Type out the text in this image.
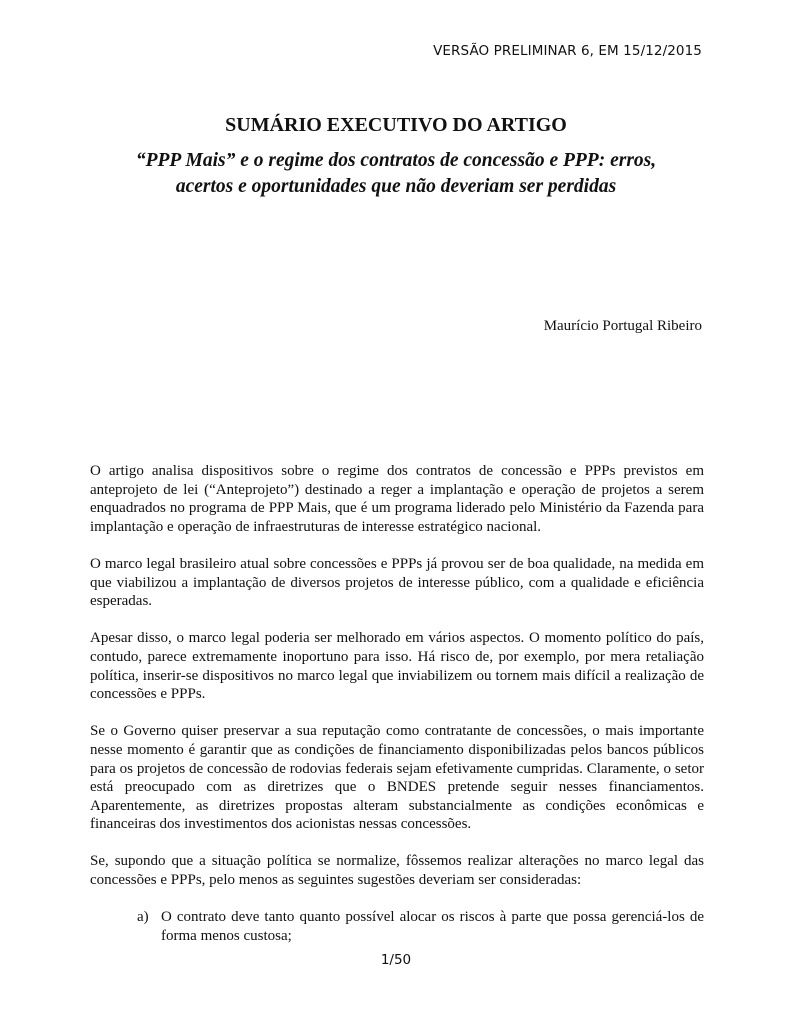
VERSÃO PRELIMINAR 6, EM 15/12/2015
SUMÁRIO EXECUTIVO DO ARTIGO
“PPP Mais” e o regime dos contratos de concessão e PPP: erros,
acertos e oportunidades que não deveriam ser perdidas
Maurício Portugal Ribeiro

O artigo analisa dispositivos sobre o regime dos contratos de concessão e PPPs previstos em anteprojeto de lei (“Anteprojeto”) destinado a reger a implantação e operação de projetos a serem enquadrados no programa de PPP Mais, que é um programa liderado pelo Ministério da Fazenda para implantação e operação de infraestruturas de interesse estratégico nacional.

O marco legal brasileiro atual sobre concessões e PPPs já provou ser de boa qualidade, na medida em que viabilizou a implantação de diversos projetos de interesse público, com a qualidade e eficiência esperadas.

Apesar disso, o marco legal poderia ser melhorado em vários aspectos. O momento político do país, contudo, parece extremamente inoportuno para isso. Há risco de, por exemplo, por mera retaliação política, inserir-se dispositivos no marco legal que inviabilizem ou tornem mais difícil a realização de concessões e PPPs.

Se o Governo quiser preservar a sua reputação como contratante de concessões, o mais importante nesse momento é garantir que as condições de financiamento disponibilizadas pelos bancos públicos para os projetos de concessão de rodovias federais sejam efetivamente cumpridas. Claramente, o setor está preocupado com as diretrizes que o BNDES pretende seguir nesses financiamentos. Aparentemente, as diretrizes propostas alteram substancialmente as condições econômicas e financeiras dos investimentos dos acionistas nessas concessões.

Se, supondo que a situação política se normalize, fôssemos realizar alterações no marco legal das concessões e PPPs, pelo menos as seguintes sugestões deveriam ser consideradas:

a) O contrato deve tanto quanto possível alocar os riscos à parte que possa gerenciá-los de forma menos custosa;
1/50
